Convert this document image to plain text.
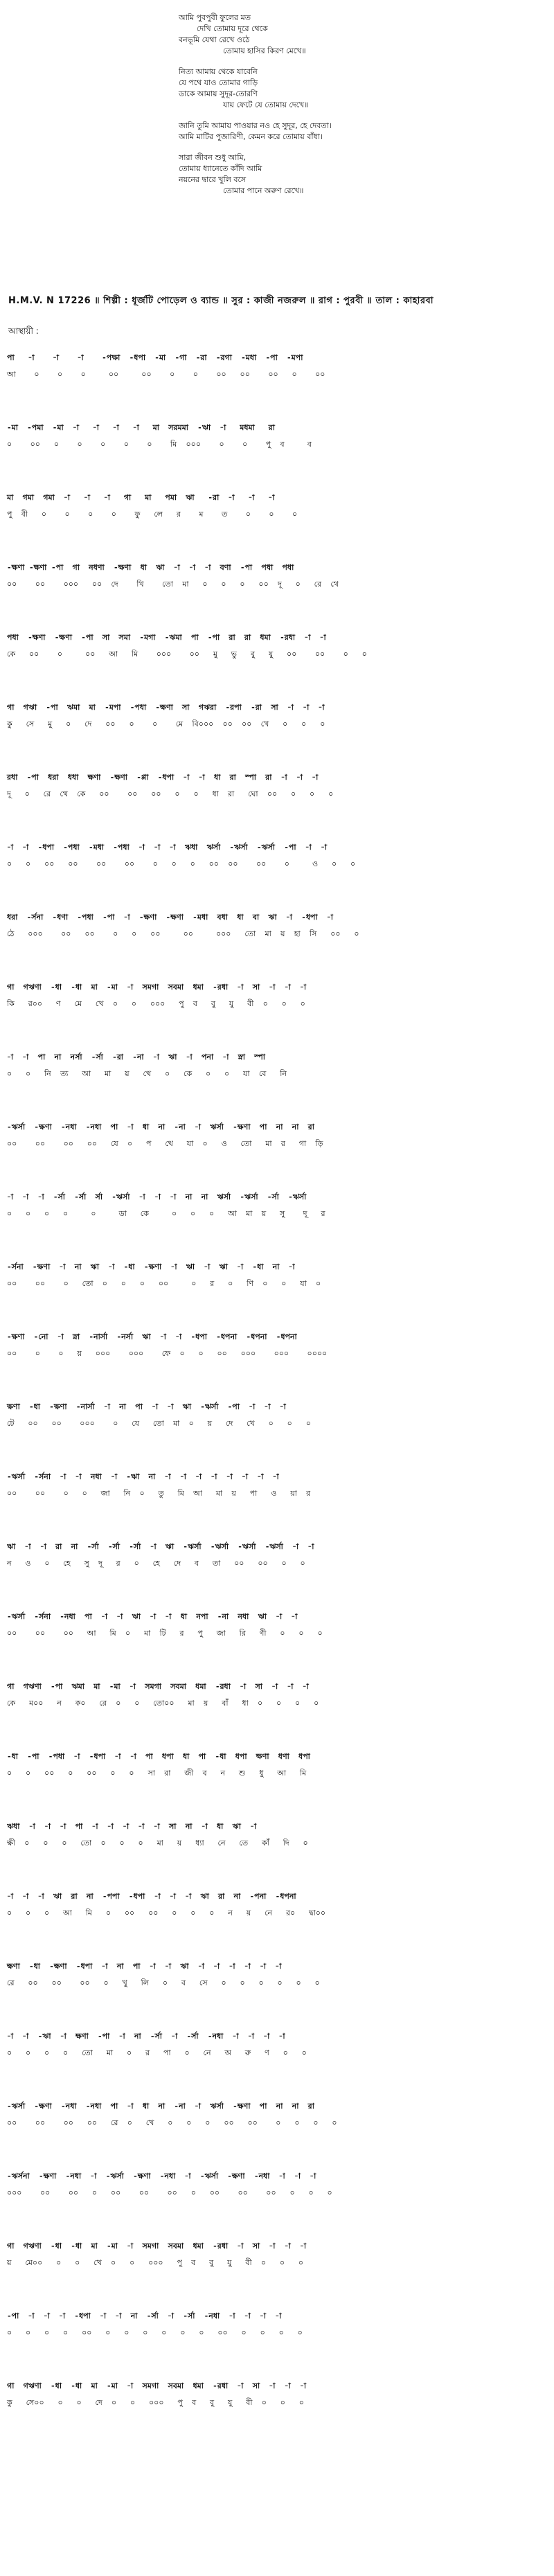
আমি পুবপুবী ফুলের মত
দেখি তোমায় দূরে থেকে
বনভূমি যেথা রেখে ওঠে
তোমায় হাসির কিরণ মেখে॥
নিত্য আমায় থেকে যাবেনি
যে পথে যাও তোমার গাড়ি
ডাকে আমায় সুদূর-তোরণি
যায় ফেটে যে তোমায় দেখে॥
জানি তুমি আমায় পাওয়ার নও হে সুদূর, হে দেবতা।
আমি মাটির পুজারিণী, কেমন করে তোমায় বাঁধা।
সারা জীবন শুধু আমি,
তোমায় ধ্যানেতে কাঁদি আমি
নয়নের দ্বারে খুলি বসে
তোমার পানে অরুণ রেখে॥
H.M.V. N 17226 ॥ শিল্পী : ধূর্জটি পোড়েল ও ব্যান্ড ॥ সুর : কাজী নজরুল ॥ রাগ : পুরবী ॥ তাল : কাহারবা
আস্থায়ী :
পা   -া    -া    -া    -পক্ষা  -ধপা  -মা  -গা  -রা  -রগা  -মধা  -পা  -মপা
আ    ০    ০    ০     ০০     ০০    ০    ০    ০০   ০০    ০০   ০    ০০
-মা  -পমা  -মা  -া   -া   -া   -া   মা  সরমমা  -ঋা  -া   মধমা   রা
০    ০০   ০    ০    ০    ০    ০    মি  ০০০    ০    ০    পু  ব     ব
মা  গমা  গমা  -া   -া   -া   গা   মা   পমা  ঋা   -রা  -া   -া   -া
পু  বী   ০    ০    ০    ০    ফু   লে   র    ম    ত    ০    ০    ০
-ক্ষণা -ক্ষণা -পা  গা  নধণা  -ক্ষণা  ধা  ঋা  -া  -া  -া  বণা  -পা  পধা  পধা
০০    ০০    ০০০   ০০  দে    খি    তো  মা   ০   ০   ০   ০০  দূ   ০   রে  থে
পধা  -ক্ষণা  -ক্ষণা  -পা  সা  সমা  -মগা  -ঋমা  পা  -পা  রা  রা  ধমা  -রধা  -া  -া
কে   ০০    ০     ০০   আ   মি    ০০০    ০০   মু   ভু   বু   যু   ০০    ০০    ০   ০
গা  গঋা  -পা  ঋমা  মা  -মপা  -পধা  -ক্ষণা  সা  গঋরা  -রপা  -রা  সা  -া  -া  -া
কু   সে   মু   ০   দে   ০০   ০    ০    মে  বি০০০  ০০  ০০  খে   ০   ০   ০
রধা  -পা  ধরা  ধধা  ক্ষণা  -ক্ষণা  -প্পা  -ধপা  -া  -া  ধা  রা  স্পা  রা  -া  -া  -া
দূ   ০   রে  থে  কে   ০০    ০০   ০০   ০   ০   ধা  রা   ঘো  ০০   ০   ০   ০
-া  -া  -ধপা  -পধা  -মধা  -পধা  -া  -া  -া  ঋধা  ঋর্সা  -ঋর্সা  -ঋর্সা  -পা  -া  -া
০   ০   ০০   ০০    ০০    ০০    ০   ০   ০   ০০  ০০    ০০    ০     ও   ০   ০
ধরা  -র্সনা  -ধণা  -পধা  -পা  -া  -ক্ষণা  -ক্ষণা  -মধা  বধা  ধা  বা  ঋা  -া  -ধপা  -া
ঠে   ০০০    ০০   ০০    ০   ০   ০০     ০০     ০০০   তো  মা  য়  হা  সি   ০০   ০
গা  গঋণা  -ধা  -ধা  মা  -মা  -া  সমগা  সবমা  ধমা  -রধা  -া  সা  -া  -া  -া
কি   র০০   ণ   মে   খে  ০   ০   ০০০   পু  ব   বু   যু   বী  ০   ০   ০
-া  -া  পা  না  নর্সা  -র্সা  -রা  -না  -া  ঋা  -া  পনা  -া  স্না  স্পা
০   ০   নি  ত্য   আ   মা   য়   থে   ০   কে   ০   ০   যা  বে   নি
-ঋর্সা  -ক্ষণা  -নধা  -নধা  পা  -া  ধা  না  -না  -া  ঋর্সা  -ক্ষণা  পা  না  না  রা
০০    ০০    ০০   ০০   যে  ০   প   থে   যা  ০   ও   তো   মা  র   গা  ড়ি
-া  -া  -া  -র্সা  -র্সা  র্সা  -ঋর্সা  -া  -া  -া  না  না  ঋর্সা  -ঋর্সা  -র্সা  -ঋর্সা
০   ০   ০   ০     ০     ডা   কে     ০   ০   ০   আ  মা  য়   সু    দূ   র
-র্সনা  -ক্ষণা  -া  না  ঋা  -া  -ধা  -ক্ষণা  -া  ঋা  -া  ঋা  -া  -ধা  না  -া
০০    ০০    ০   তো  ০   ০   ০   ০০     ০   র   ০   ণি  ০   ০   যা  ০
-ক্ষণা  -নো  -া  স্না  -নার্সা  -নর্সা  ঋা  -া  -া  -ধপা  -ধপনা  -ধপনা  -ধপনা
০০    ০    ০   য়   ০০০    ০০০    ফে  ০   ০   ০০   ০০০    ০০০    ০০০০
ক্ষণা  -ধা  -ক্ষণা  -নার্সা  -া  না  পা  -া  -া  ঋা  -ঋর্সা  -পা  -া  -া  -া
টে   ০০   ০০    ০০০    ০   যে   তো  মা  ০   য়   দে   খে   ০   ০   ০
-ঋর্সা  -র্সনা  -া  -া  নধা  -া  -ঋা  না  -া  -া  -া  -া  -া  -া  -া  -া
০০    ০০    ০   ০   জা   নি  ০   তু   মি  আ   মা  য়   পা   ও   য়া  র
ঋা  -া  -া  রা  না  -র্সা  -র্সা  -র্সা  -া  ঋা  -ঋর্সা  -ঋর্সা  -ঋর্সা  -ঋর্সা  -া  -া
ন   ও   ০   হে   সু  দূ   র   ০   হে   দে   ব   তা   ০০   ০০   ০   ০
-ঋর্সা  -র্সনা  -নধা  পা  -া  -া  ঋা  -া  -া  ধা  নপা  -না  নধা  ঋা  -া  -া
০০    ০০    ০০   আ   মি  ০   মা  টি   র   পু   জা   রি   ণী   ০   ০   ০
গা  গঋণা  -পা  ঋমা  মা  -মা  -া  সমগা  সবমা  ধমা  -রধা  -া  সা  -া  -া  -া
কে   ম০০   ন   ক০   রে  ০   ০   তো০০   মা  য়   বাঁ   ধা  ০   ০   ০   ০
-ধা  -পা  -পধা  -া  -ধপা  -া  -া  পা  ধপা  ধা  পা  -ধা  ধপা  ক্ষণা  ধণা  ধপা
০   ০   ০০   ০   ০০   ০   ০   সা  রা   জী  ব   ন   শু   ধু   আ   মি
ঋধা  -া  -া  -া  পা  -া  -া  -া  -া  -া  সা  না  -া  ধা  ঋা  -া
ক্ষী  ০   ০   ০   তো  ০   ০   ০   মা   য়   ধ্যা   নে   তে   কাঁ   দি   ০
-া  -া  -া  ঋা  রা  না  -পপা  -ধপা  -া  -া  -া  ঋা  রা  না  -পনা  -ধপনা
০   ০   ০   আ   মি   ০   ০০   ০০   ০   ০   ০   ন   য়   নে   র০   দ্বা০০
ক্ষণা  -ধা  -ক্ষণা  -ধপা  -া  না  পা  -া  -া  ঋা  -া  -া  -া  -া  -া  -া
রে   ০০   ০০    ০০   ০   খু   লি   ০   ব   সে   ০   ০   ০   ০   ০   ০
-া  -া  -ঋা  -া  ক্ষণা  -পা  -া  না  -র্সা  -া  -র্সা  -নধা  -া  -া  -া  -া
০   ০   ০   ০   তো   মা   ০   র   পা   ০   নে   অ   রু   ণ   ০   ০
-ঋর্সা  -ক্ষণা  -নধা  -নধা  পা  -া  ধা  না  -না  -া  ঋর্সা  -ক্ষণা  পা  না  না  রা
০০    ০০    ০০   ০০   রে  ০   খে   ০   ০   ০   ০০   ০০    ০   ০   ০   ০
-ঋর্সনা  -ক্ষণা  -নধা  -া  -ঋর্সা  -ক্ষণা  -নধা  -া  -ঋর্সা  -ক্ষণা  -নধা  -া  -া  -া
০০০    ০০    ০০   ০   ০০    ০০    ০০   ০   ০০    ০০    ০০   ০   ০   ০
গা  গঋণা  -ধা  -ধা  মা  -মা  -া  সমগা  সবমা  ধমা  -রধা  -া  সা  -া  -া  -া
য়   মে০০   ০   ০   খে  ০   ০   ০০০   পু  ব   বু   যু   বী  ০   ০   ০
-পা  -া  -া  -া  -ধপা  -া  -া  না  -র্সা  -া  -র্সা  -নধা  -া  -া  -া  -া
০   ০   ০   ০   ০০   ০   ০   ০   ০   ০   ০   ০০   ০   ০   ০   ০
গা  গঋণা  -ধা  -ধা  মা  -মা  -া  সমগা  সবমা  ধমা  -রধা  -া  সা  -া  -া  -া
কু   সে০০   ০   ০   দে  ০   ০   ০০০   পু  ব   বু   যু   বী  ০   ০   ০
